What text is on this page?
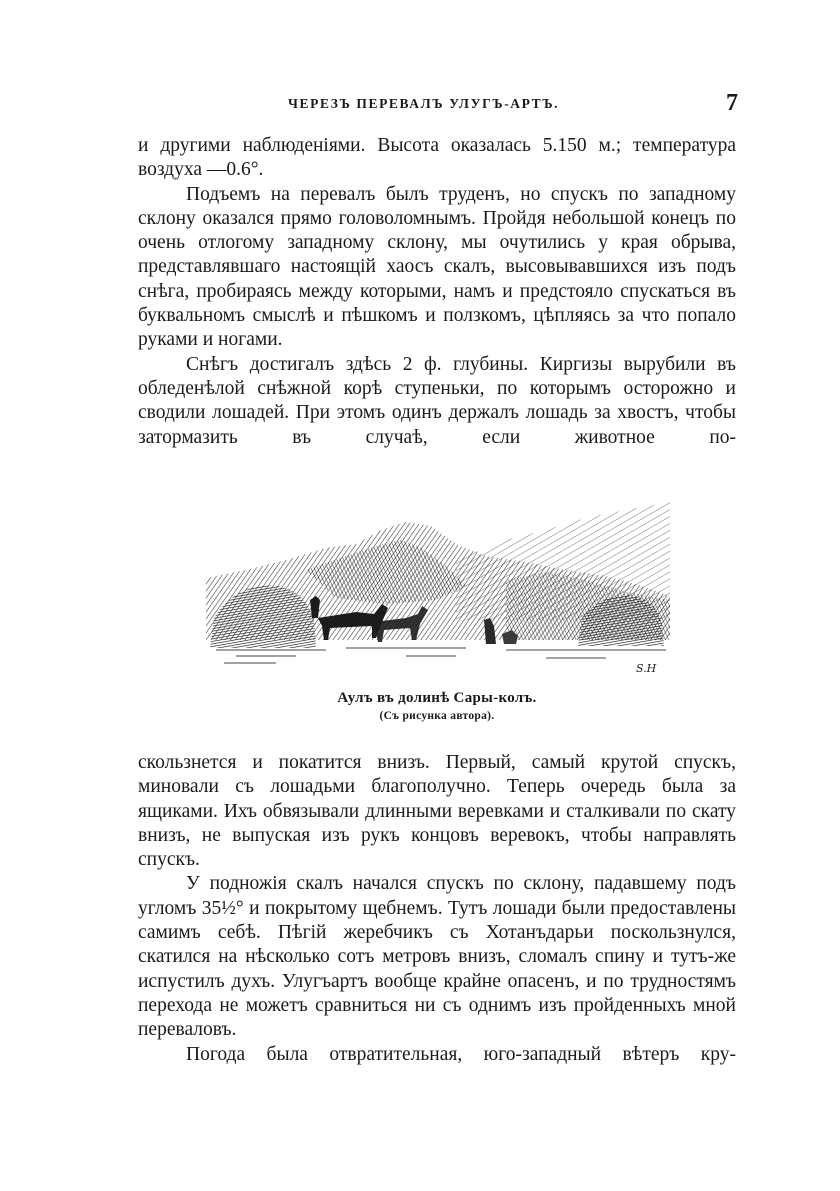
ЧЕРЕЗЪ ПЕРЕВАЛЪ УЛУГЪ-АРТЪ.	7

и другими наблюденіями. Высота оказалась 5.150 м.; температура воздуха —0.6°.

Подъемъ на перевалъ былъ труденъ, но спускъ по западному склону оказался прямо головоломнымъ. Пройдя небольшой конецъ по очень отлогому западному склону, мы очутились у края обрыва, представлявшаго настоящій хаосъ скалъ, высовывавшихся изъ подъ снѣга, пробираясь между которыми, намъ и предстояло спускаться въ буквальномъ смыслѣ и пѣшкомъ и ползкомъ, цѣпляясь за что попало руками и ногами.

Снѣгъ достигалъ здѣсь 2 ф. глубины. Киргизы вырубили въ обледенѣлой снѣжной корѣ ступеньки, по которымъ осторожно и сводили лошадей. При этомъ одинъ держалъ лошадь за хвостъ, чтобы затормазить въ случаѣ, если животное по-

S.H
Аулъ въ долинѣ Сары-колъ.
(Съ рисунка автора).

скользнется и покатится внизъ. Первый, самый крутой спускъ, миновали съ лошадьми благополучно. Теперь очередь была за ящиками. Ихъ обвязывали длинными веревками и сталкивали по скату внизъ, не выпуская изъ рукъ концовъ веревокъ, чтобы направлять спускъ.

У подножія скалъ начался спускъ по склону, падавшему подъ угломъ 35½° и покрытому щебнемъ. Тутъ лошади были предоставлены самимъ себѣ. Пѣгій жеребчикъ съ Хотанъдарьи поскользнулся, скатился на нѣсколько сотъ метровъ внизъ, сломалъ спину и тутъ-же испустилъ духъ. Улугъартъ вообще крайне опасенъ, и по трудностямъ перехода не можетъ сравниться ни съ однимъ изъ пройденныхъ мной переваловъ.

Погода была отвратительная, юго-западный вѣтеръ кру-
